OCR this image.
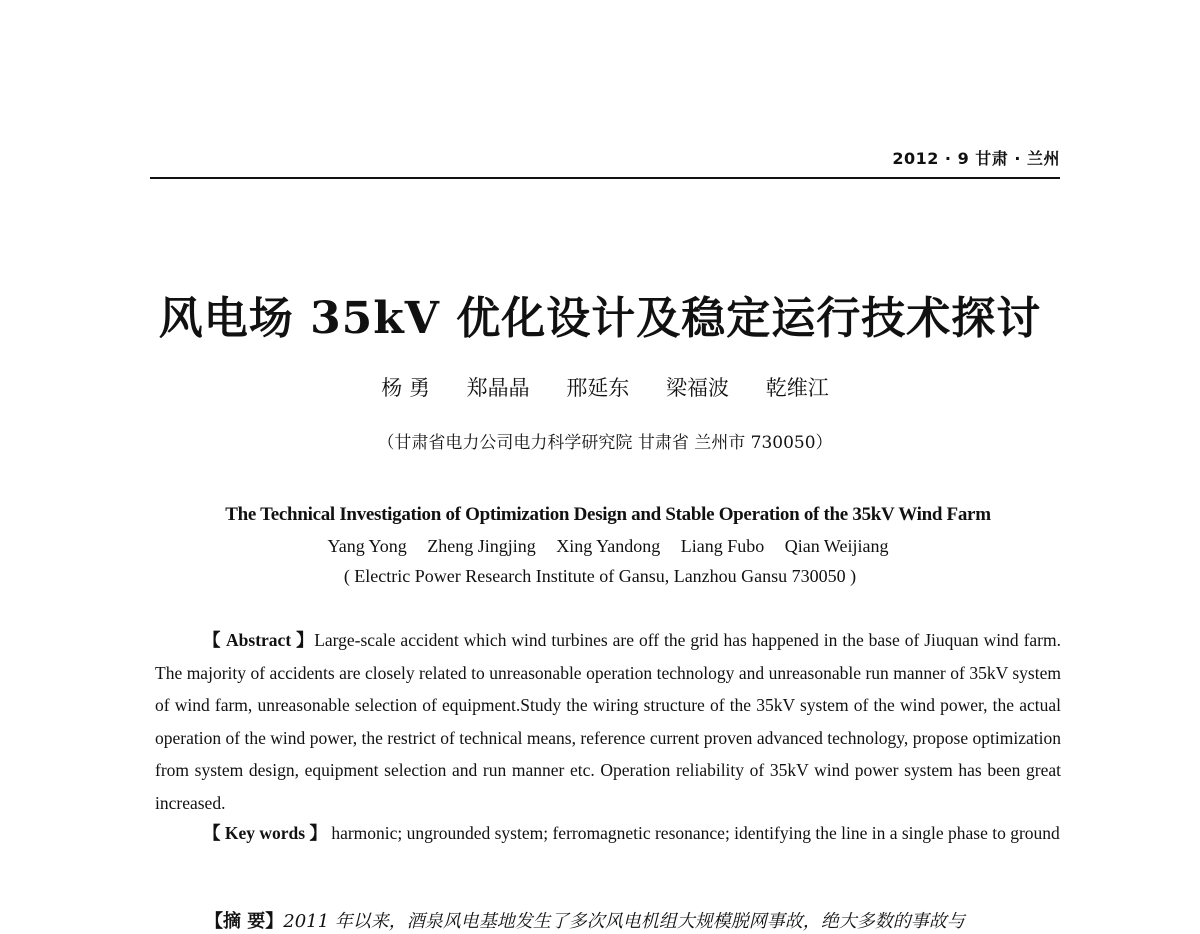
2012 · 9 甘肃 · 兰州
风电场 35kV 优化设计及稳定运行技术探讨
杨 勇 郑晶晶 邢延东 梁福波 乾维江
（甘肃省电力公司电力科学研究院 甘肃省 兰州市 730050）
The Technical Investigation of Optimization Design and Stable Operation of the 35kV Wind Farm
Yang Yong Zheng Jingjing Xing Yandong Liang Fubo Qian Weijiang
( Electric Power Research Institute of Gansu, Lanzhou Gansu 730050 )

【 Abstract 】Large-scale accident which wind turbines are off the grid has happened in the base of Jiuquan wind farm. The majority of accidents are closely related to unreasonable operation technology and unreasonable run manner of 35kV system of wind farm, unreasonable selection of equipment.Study the wiring structure of the 35kV system of the wind power, the actual operation of the wind power, the restrict of technical means, reference current proven advanced technology, propose optimization from system design, equipment selection and run manner etc. Operation reliability of 35kV wind power system has been great increased.

【 Key words 】 harmonic; ungrounded system; ferromagnetic resonance; identifying the line in a single phase to ground

【摘 要】2011 年以来，酒泉风电基地发生了多次风电机组大规模脱网事故，绝大多数的事故与
